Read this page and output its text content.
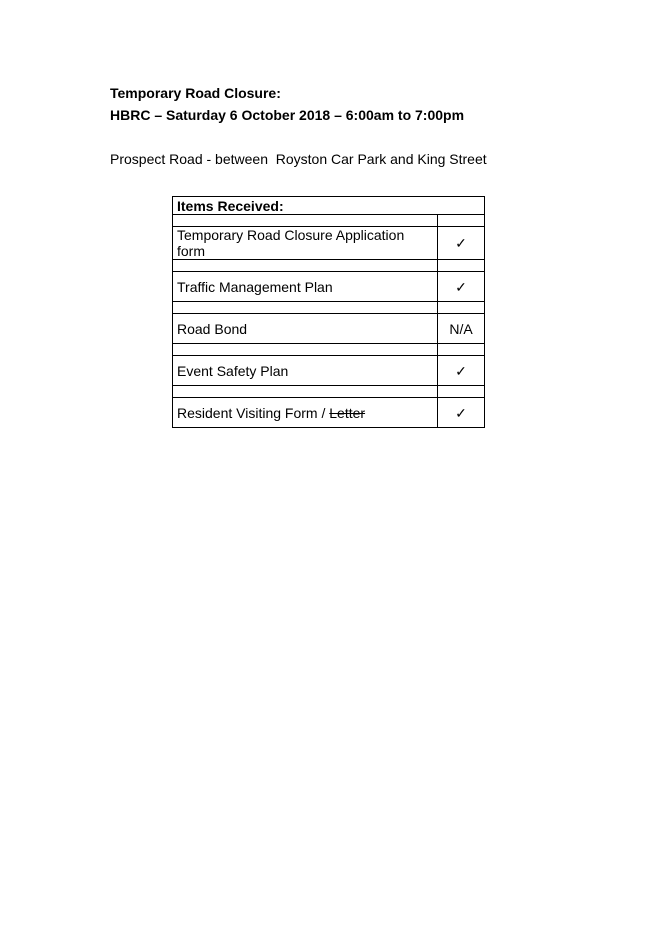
Temporary Road Closure:
HBRC – Saturday 6 October 2018 – 6:00am to 7:00pm
Prospect Road - between  Royston Car Park and King Street
Items Received:	

Temporary Road Closure Application form	✓

Traffic Management Plan	✓

Road Bond	N/A

Event Safety Plan	✓

Resident Visiting Form / Letter	✓
